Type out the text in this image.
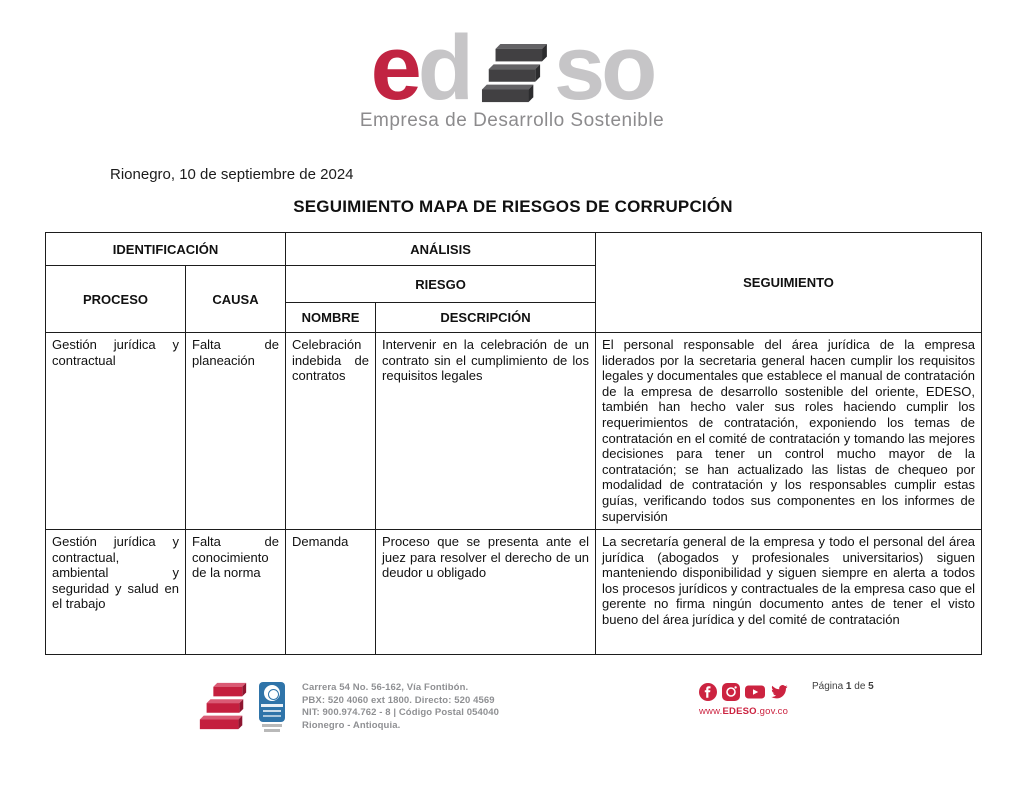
e d so
Empresa de Desarrollo Sostenible
Rionegro, 10 de septiembre de 2024
SEGUIMIENTO MAPA DE RIESGOS DE CORRUPCIÓN
IDENTIFICACIÓN		ANÁLISIS		SEGUIMIENTO
PROCESO	CAUSA	RIESGO		
		NOMBRE	DESCRIPCIÓN	
Gestión jurídica y contractual	Falta de planeación	Celebración indebida de contratos	Intervenir en la celebración de un contrato sin el cumplimiento de los requisitos legales	El personal responsable del área jurídica de la empresa liderados por la secretaria general hacen cumplir los requisitos legales y documentales que establece el manual de contratación de la empresa de desarrollo sostenible del oriente, EDESO, también han hecho valer sus roles haciendo cumplir los requerimientos de contratación, exponiendo los temas de contratación en el comité de contratación y tomando las mejores decisiones para tener un control mucho mayor de la contratación; se han actualizado las listas de chequeo por modalidad de contratación y los responsables cumplir estas guías, verificando todos sus componentes en los informes de supervisión
Gestión jurídica y contractual, ambiental y seguridad y salud en el trabajo	Falta de conocimiento de la norma	Demanda	Proceso que se presenta ante el juez para resolver el derecho de un deudor u obligado	La secretaría general de la empresa y todo el personal del área jurídica (abogados y profesionales universitarios) siguen manteniendo disponibilidad y siguen siempre en alerta a todos los procesos jurídicos y contractuales de la empresa caso que el gerente no firma ningún documento antes de tener el visto bueno del área jurídica y del comité de contratación
Carrera 54 No. 56-162, Vía Fontibón.
PBX: 520 4060 ext 1800. Directo: 520 4569
NIT: 900.974.762 - 8 | Código Postal 054040
Rionegro - Antioquia.
www.EDESO.gov.co
Página 1 de 5
